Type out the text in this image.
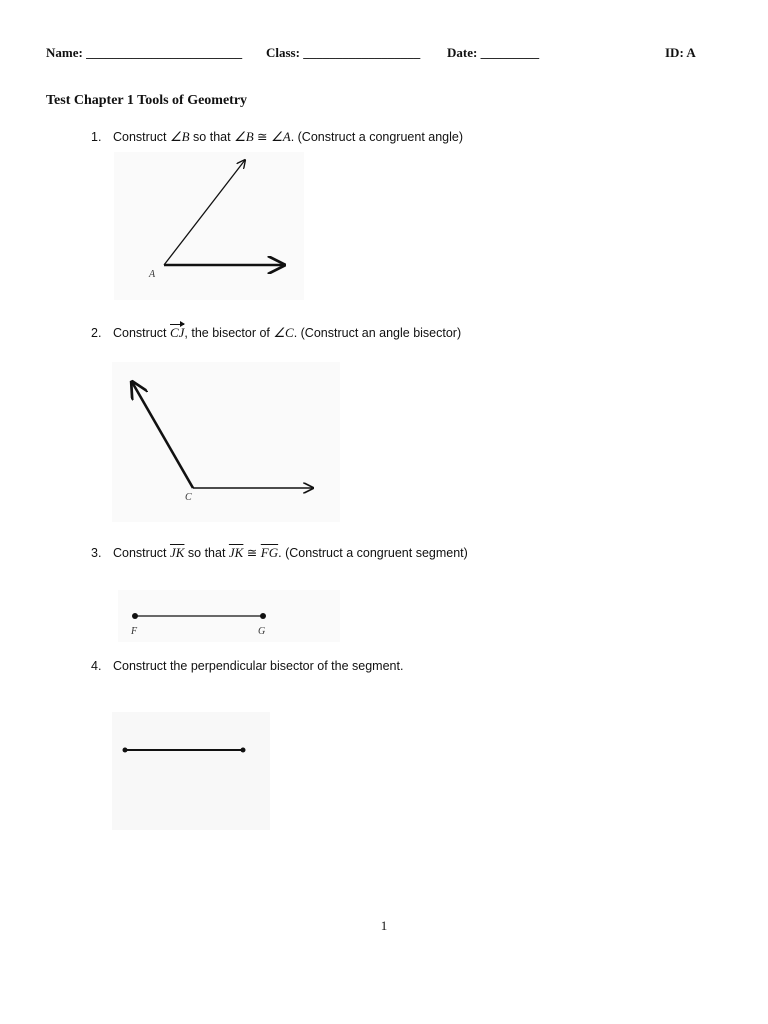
Name: ________________________ Class: __________________ Date: _________	ID: A
Test Chapter 1 Tools of Geometry
1. Construct ∠B so that ∠B ≅ ∠A. (Construct a congruent angle)
A
2. Construct CJ, the bisector of ∠C. (Construct an angle bisector)
C
3. Construct $\overline{JK}$ so that $\overline{JK}$ ≅ $\overline{FG}$. (Construct a congruent segment)
F	G
4. Construct the perpendicular bisector of the segment.
1
